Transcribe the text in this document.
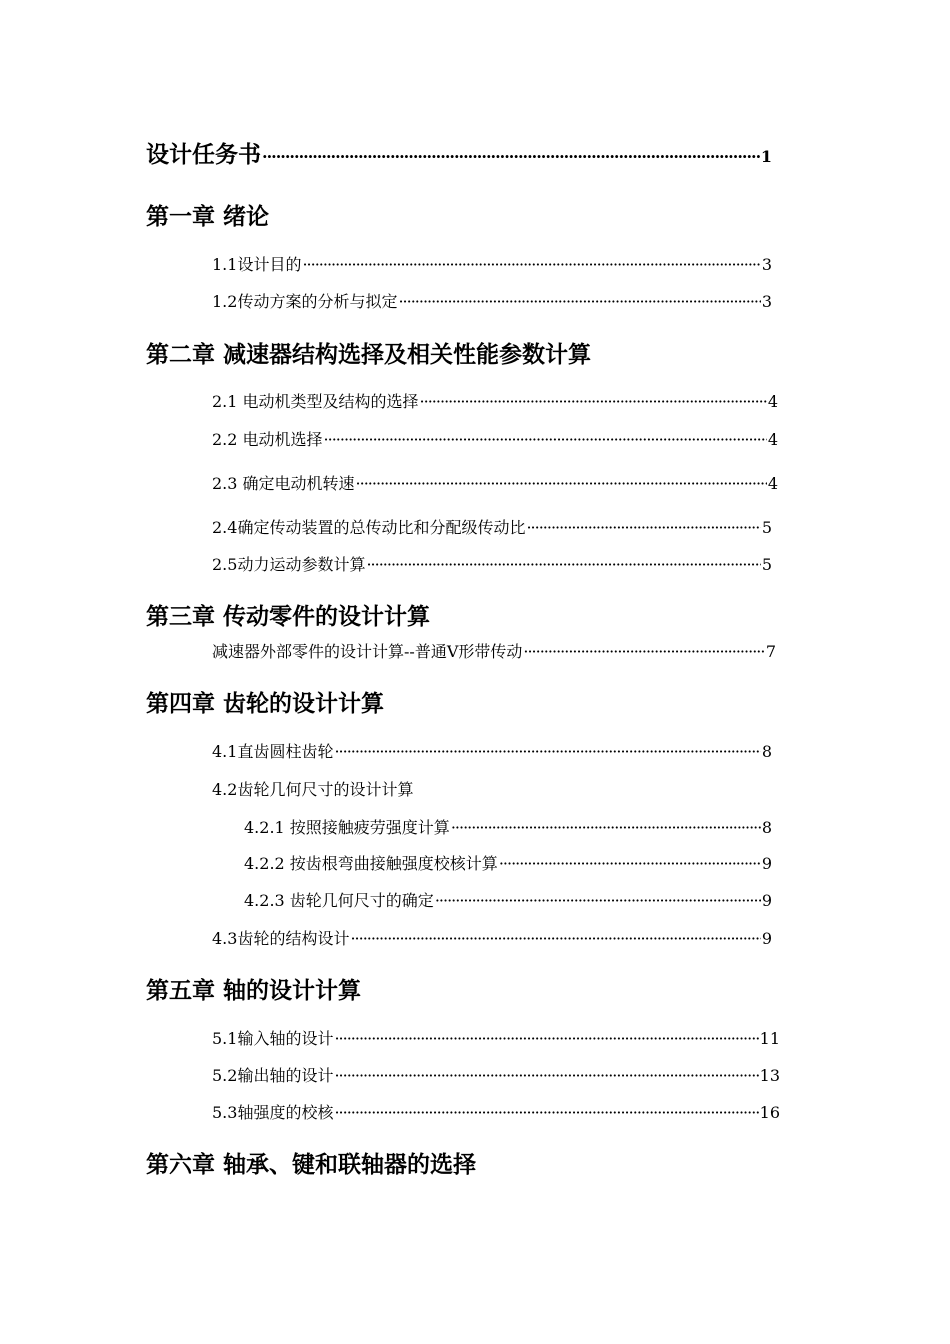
设计任务书 ·····	1
第一章 绪论
1.1设计目的 ·····	3
1.2传动方案的分析与拟定 ·····	3
第二章 减速器结构选择及相关性能参数计算
2.1 电动机类型及结构的选择 ·····	4
2.2 电动机选择 ·····	4
2.3 确定电动机转速 ·····	4
2.4确定传动装置的总传动比和分配级传动比 ·····	5
2.5动力运动参数计算 ·····	5
第三章 传动零件的设计计算
减速器外部零件的设计计算--普通V形带传动 ·····	7
第四章 齿轮的设计计算
4.1直齿圆柱齿轮 ·····	8
4.2齿轮几何尺寸的设计计算
4.2.1 按照接触疲劳强度计算 ·····	8
4.2.2 按齿根弯曲接触强度校核计算 ·····	9
4.2.3 齿轮几何尺寸的确定 ·····	9
4.3齿轮的结构设计 ·····	9
第五章 轴的设计计算
5.1输入轴的设计 ·····	11
5.2输出轴的设计 ·····	13
5.3轴强度的校核 ·····	16
第六章 轴承、键和联轴器的选择
